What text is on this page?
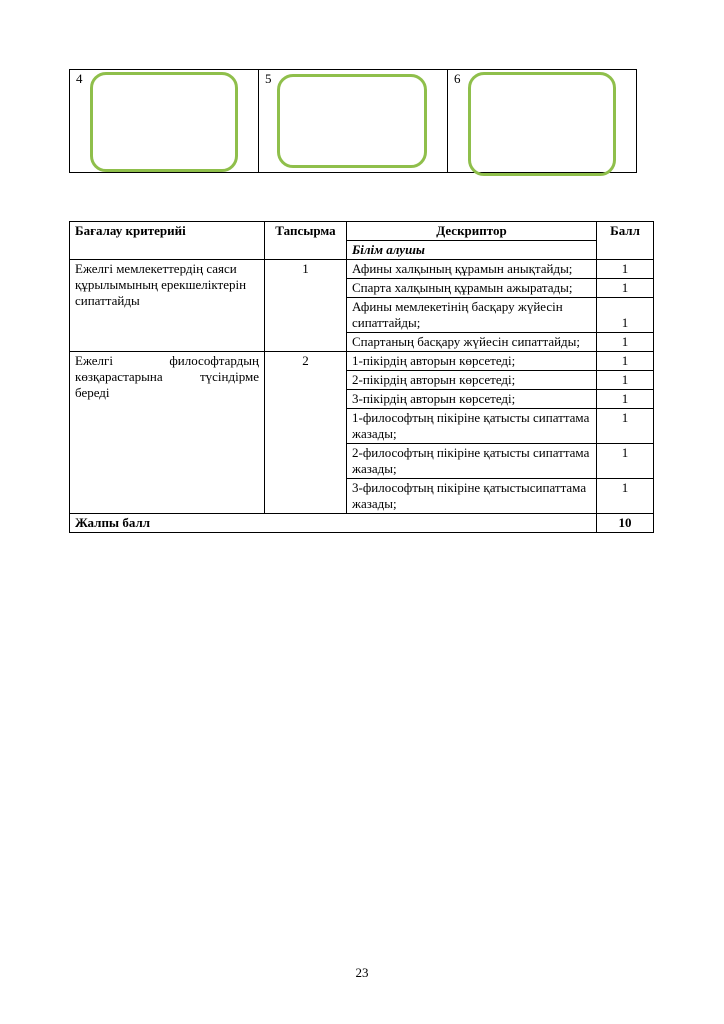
4	5	6
Бағалау критерийі	Тапсырма	Дескриптор	Балл
		Білім алушы	
Ежелгі мемлекеттердің саяси құрылымының ерекшеліктерін сипаттайды	1	Афины халқының құрамын анықтайды;	1
		Спарта халқының құрамын ажыратады;	1
		Афины мемлекетінің басқару жүйесін сипаттайды;	1
		Спартаның басқару жүйесін сипаттайды;	1
Ежелгі философтардың көзқарастарына түсіндірме береді	2	1-пікірдің авторын көрсетеді;	1
		2-пікірдің авторын көрсетеді;	1
		3-пікірдің авторын көрсетеді;	1
		1-философтың пікіріне қатысты сипаттама жазады;	1
		2-философтың пікіріне қатысты сипаттама жазады;	1
		3-философтың пікіріне қатыстысипаттама жазады;	1
Жалпы балл			10
23
